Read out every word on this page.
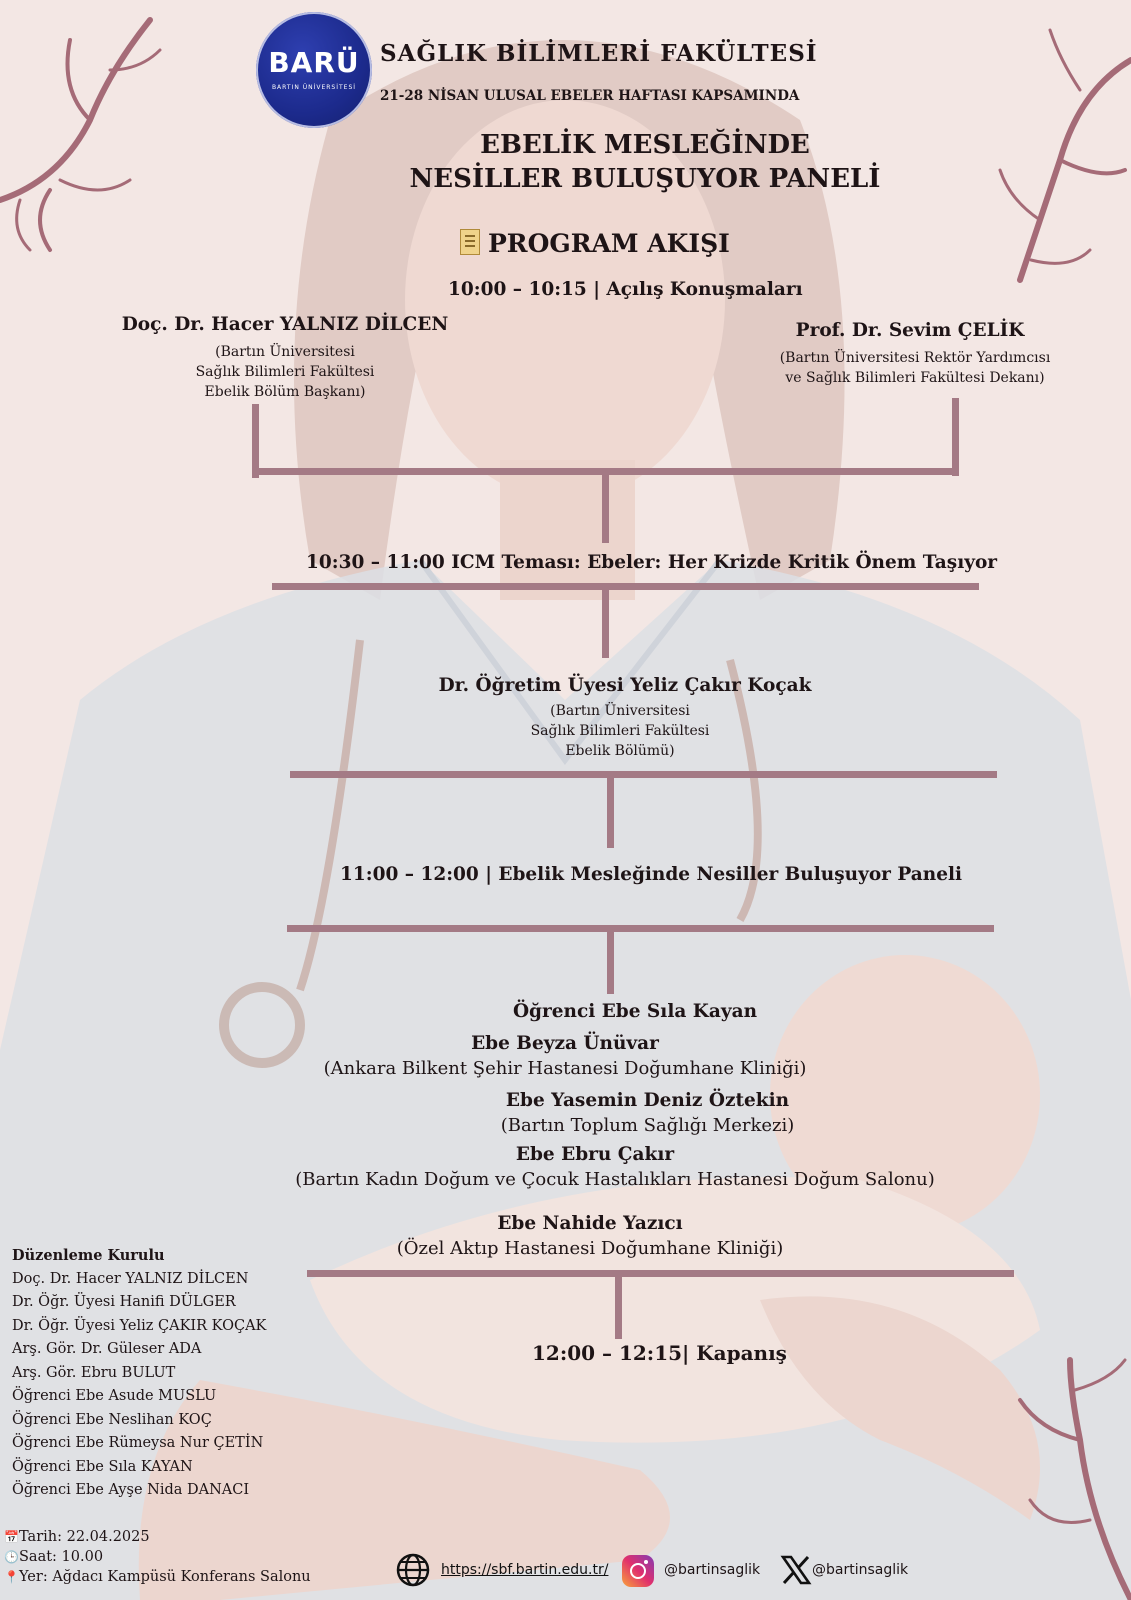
BARÜ
BARTIN ÜNİVERSİTESİ
SAĞLIK BİLİMLERİ FAKÜLTESİ
21-28 NİSAN ULUSAL EBELER HAFTASI KAPSAMINDA
EBELİK MESLEĞİNDE
NESİLLER BULUŞUYOR PANELİ
PROGRAM AKIŞI
10:00 – 10:15 | Açılış Konuşmaları
Doç. Dr. Hacer YALNIZ DİLCEN
(Bartın Üniversitesi
Sağlık Bilimleri Fakültesi
Ebelik Bölüm Başkanı)
Prof. Dr. Sevim ÇELİK
(Bartın Üniversitesi Rektör Yardımcısı
ve Sağlık Bilimleri Fakültesi Dekanı)
10:30 – 11:00 ICM Teması: Ebeler: Her Krizde Kritik Önem Taşıyor
Dr. Öğretim Üyesi Yeliz Çakır Koçak
(Bartın Üniversitesi
Sağlık Bilimleri Fakültesi
Ebelik Bölümü)
11:00 – 12:00 | Ebelik Mesleğinde Nesiller Buluşuyor Paneli
Öğrenci Ebe Sıla Kayan
Ebe Beyza Ünüvar
(Ankara Bilkent Şehir Hastanesi Doğumhane Kliniği)
Ebe Yasemin Deniz Öztekin
(Bartın Toplum Sağlığı Merkezi)
Ebe Ebru Çakır
(Bartın Kadın Doğum ve Çocuk Hastalıkları Hastanesi Doğum Salonu)
Ebe Nahide Yazıcı
(Özel Aktıp Hastanesi Doğumhane Kliniği)
12:00 – 12:15| Kapanış
Düzenleme Kurulu
Doç. Dr. Hacer YALNIZ DİLCEN
Dr. Öğr. Üyesi Hanifi DÜLGER
Dr. Öğr. Üyesi Yeliz ÇAKIR KOÇAK
Arş. Gör. Dr. Güleser ADA
Arş. Gör. Ebru BULUT
Öğrenci Ebe Asude MUSLU
Öğrenci Ebe Neslihan KOÇ
Öğrenci Ebe Rümeysa Nur ÇETİN
Öğrenci Ebe Sıla KAYAN
Öğrenci Ebe Ayşe Nida DANACI
📅Tarih: 22.04.2025
🕒Saat: 10.00
📍Yer: Ağdacı Kampüsü Konferans Salonu	https://sbf.bartin.edu.tr/	@bartinsaglik	@bartinsaglik
